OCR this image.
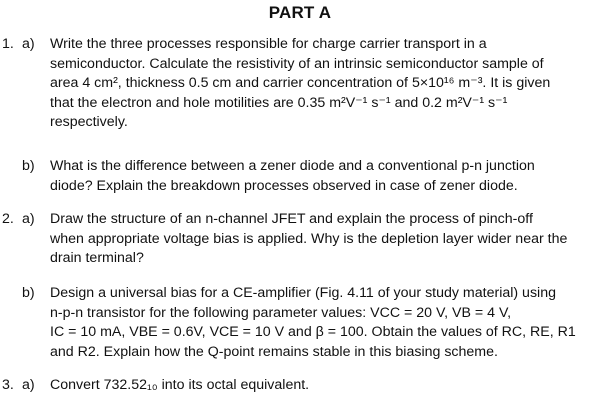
PART A
1. a) Write the three processes responsible for charge carrier transport in a
semiconductor. Calculate the resistivity of an intrinsic semiconductor sample of
area 4 cm², thickness 0.5 cm and carrier concentration of 5×10¹⁶ m⁻³. It is given
that the electron and hole motilities are 0.35 m²V⁻¹ s⁻¹ and 0.2 m²V⁻¹ s⁻¹
respectively.
b) What is the difference between a zener diode and a conventional p-n junction
diode? Explain the breakdown processes observed in case of zener diode.
2. a) Draw the structure of an n-channel JFET and explain the process of pinch-off
when appropriate voltage bias is applied. Why is the depletion layer wider near the
drain terminal?
b) Design a universal bias for a CE-amplifier (Fig. 4.11 of your study material) using
n-p-n transistor for the following parameter values: VCC = 20 V, VB = 4 V,
IC = 10 mA, VBE = 0.6V, VCE = 10 V and β = 100. Obtain the values of RC, RE, R1
and R2. Explain how the Q-point remains stable in this biasing scheme.
3. a) Convert 732.52₁₀ into its octal equivalent.
